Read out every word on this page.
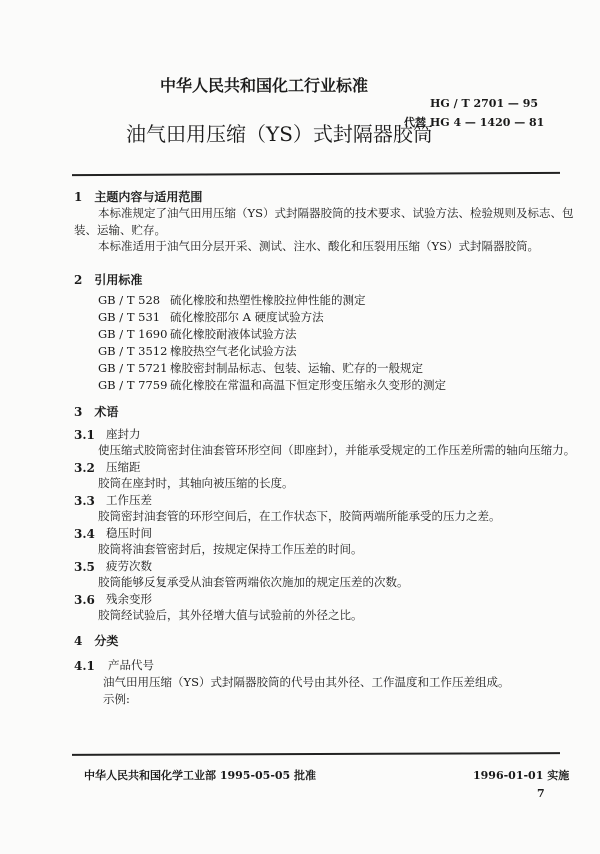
中华人民共和国化工行业标准
HG / T 2701 — 95
代替 HG 4 — 1420 — 81
油气田用压缩（YS）式封隔器胶筒
1　主题内容与适用范围
本标准规定了油气田用压缩（YS）式封隔器胶筒的技术要求、试验方法、检验规则及标志、包
装、运输、贮存。
本标准适用于油气田分层开采、测试、注水、酸化和压裂用压缩（YS）式封隔器胶筒。
2　引用标准
GB / T 528 硫化橡胶和热塑性橡胶拉伸性能的测定
GB / T 531 硫化橡胶邵尔 A 硬度试验方法
GB / T 1690 硫化橡胶耐液体试验方法
GB / T 3512 橡胶热空气老化试验方法
GB / T 5721 橡胶密封制品标志、包装、运输、贮存的一般规定
GB / T 7759 硫化橡胶在常温和高温下恒定形变压缩永久变形的测定
3　术语
3.1 座封力
使压缩式胶筒密封住油套管环形空间（即座封），并能承受规定的工作压差所需的轴向压缩力。
3.2 压缩距
胶筒在座封时，其轴向被压缩的长度。
3.3 工作压差
胶筒密封油套管的环形空间后，在工作状态下，胶筒两端所能承受的压力之差。
3.4 稳压时间
胶筒将油套管密封后，按规定保持工作压差的时间。
3.5 疲劳次数
胶筒能够反复承受从油套管两端依次施加的规定压差的次数。
3.6 残余变形
胶筒经试验后，其外径增大值与试验前的外径之比。
4　分类
4.1 产品代号
油气田用压缩（YS）式封隔器胶筒的代号由其外径、工作温度和工作压差组成。
示例:
中华人民共和国化学工业部 1995-05-05 批准	1996-01-01 实施
7
